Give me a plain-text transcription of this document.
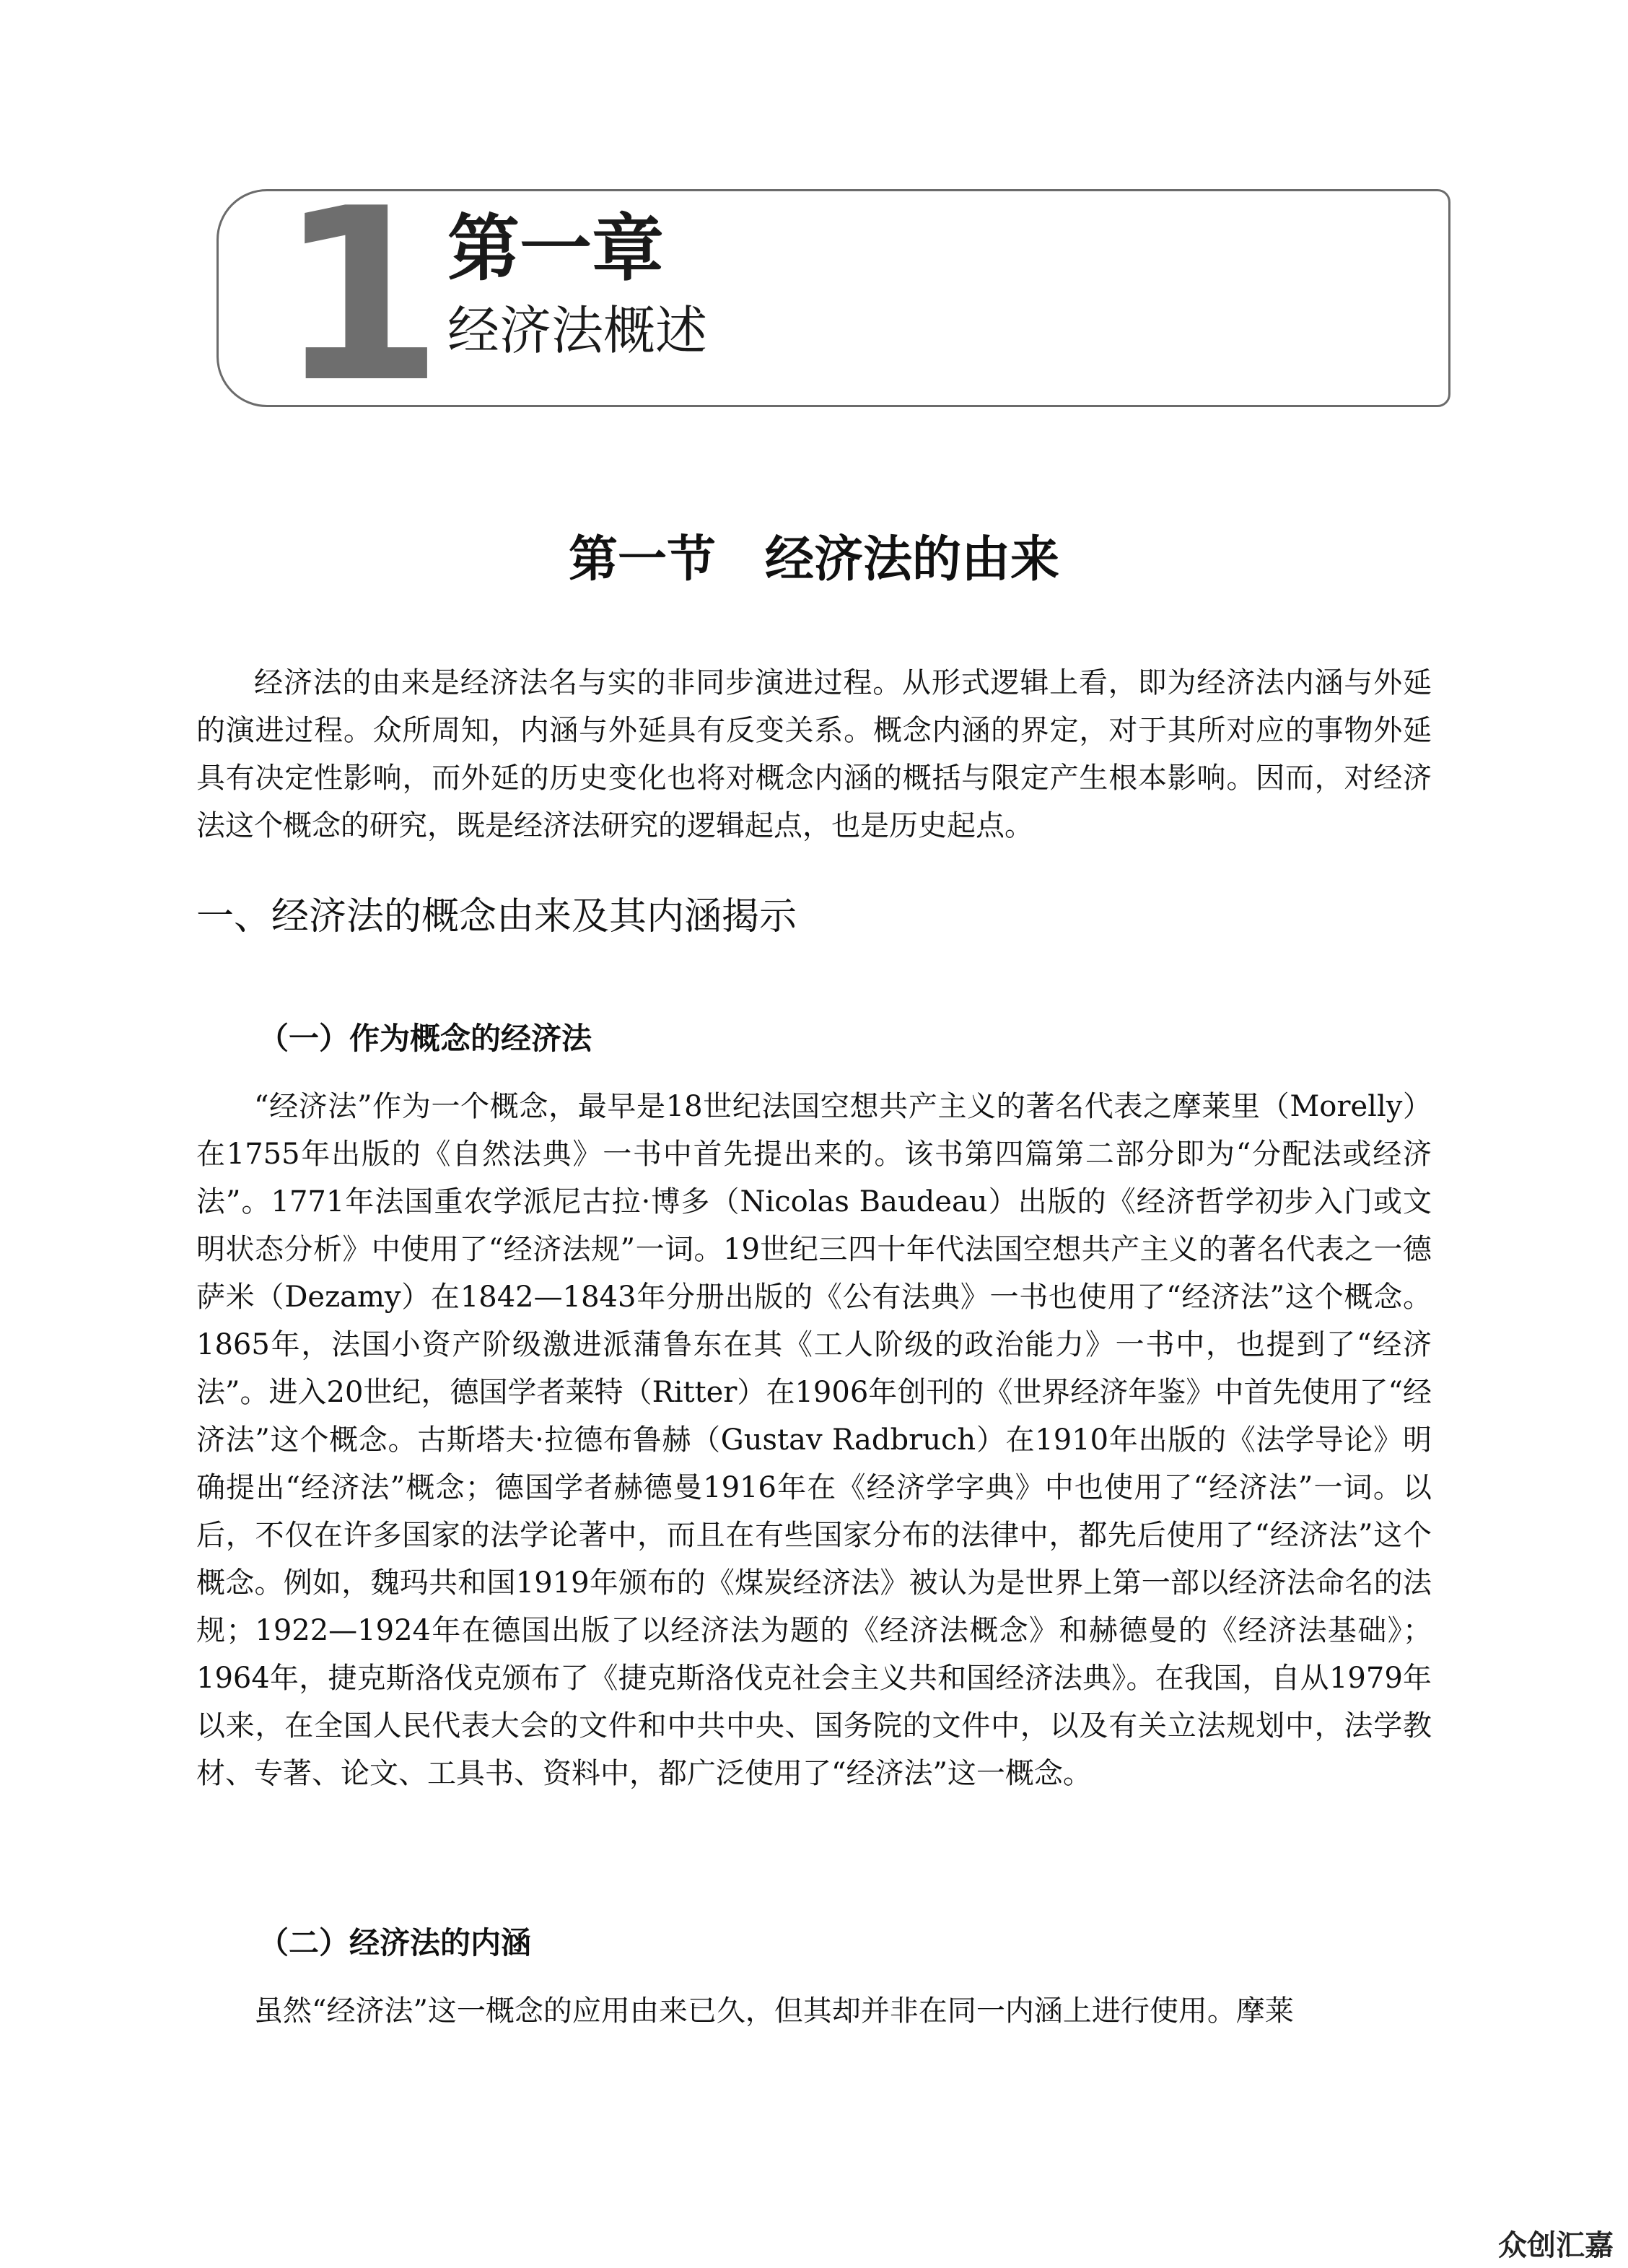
1 第一章
经济法概述
第一节　经济法的由来

经济法的由来是经济法名与实的非同步演进过程。从形式逻辑上看，即为经济法内涵与外延的演进过程。众所周知，内涵与外延具有反变关系。概念内涵的界定，对于其所对应的事物外延具有决定性影响，而外延的历史变化也将对概念内涵的概括与限定产生根本影响。因而，对经济法这个概念的研究，既是经济法研究的逻辑起点，也是历史起点。

一、经济法的概念由来及其内涵揭示
（一）作为概念的经济法

“经济法”作为一个概念，最早是18世纪法国空想共产主义的著名代表之摩莱里（Morelly）在1755年出版的《自然法典》一书中首先提出来的。该书第四篇第二部分即为“分配法或经济法”。1771年法国重农学派尼古拉·博多（Nicolas Baudeau）出版的《经济哲学初步入门或文明状态分析》中使用了“经济法规”一词。19世纪三四十年代法国空想共产主义的著名代表之一德萨米（Dezamy）在1842—1843年分册出版的《公有法典》一书也使用了“经济法”这个概念。1865年，法国小资产阶级激进派蒲鲁东在其《工人阶级的政治能力》一书中，也提到了“经济法”。进入20世纪，德国学者莱特（Ritter）在1906年创刊的《世界经济年鉴》中首先使用了“经济法”这个概念。古斯塔夫·拉德布鲁赫（Gustav Radbruch）在1910年出版的《法学导论》明确提出“经济法”概念；德国学者赫德曼1916年在《经济学字典》中也使用了“经济法”一词。以后，不仅在许多国家的法学论著中，而且在有些国家分布的法律中，都先后使用了“经济法”这个概念。例如，魏玛共和国1919年颁布的《煤炭经济法》被认为是世界上第一部以经济法命名的法规；1922—1924年在德国出版了以经济法为题的《经济法概念》和赫德曼的《经济法基础》；1964年，捷克斯洛伐克颁布了《捷克斯洛伐克社会主义共和国经济法典》。在我国，自从1979年以来，在全国人民代表大会的文件和中共中央、国务院的文件中，以及有关立法规划中，法学教材、专著、论文、工具书、资料中，都广泛使用了“经济法”这一概念。

（二）经济法的内涵

虽然“经济法”这一概念的应用由来已久，但其却并非在同一内涵上进行使用。摩莱

众创汇嘉
